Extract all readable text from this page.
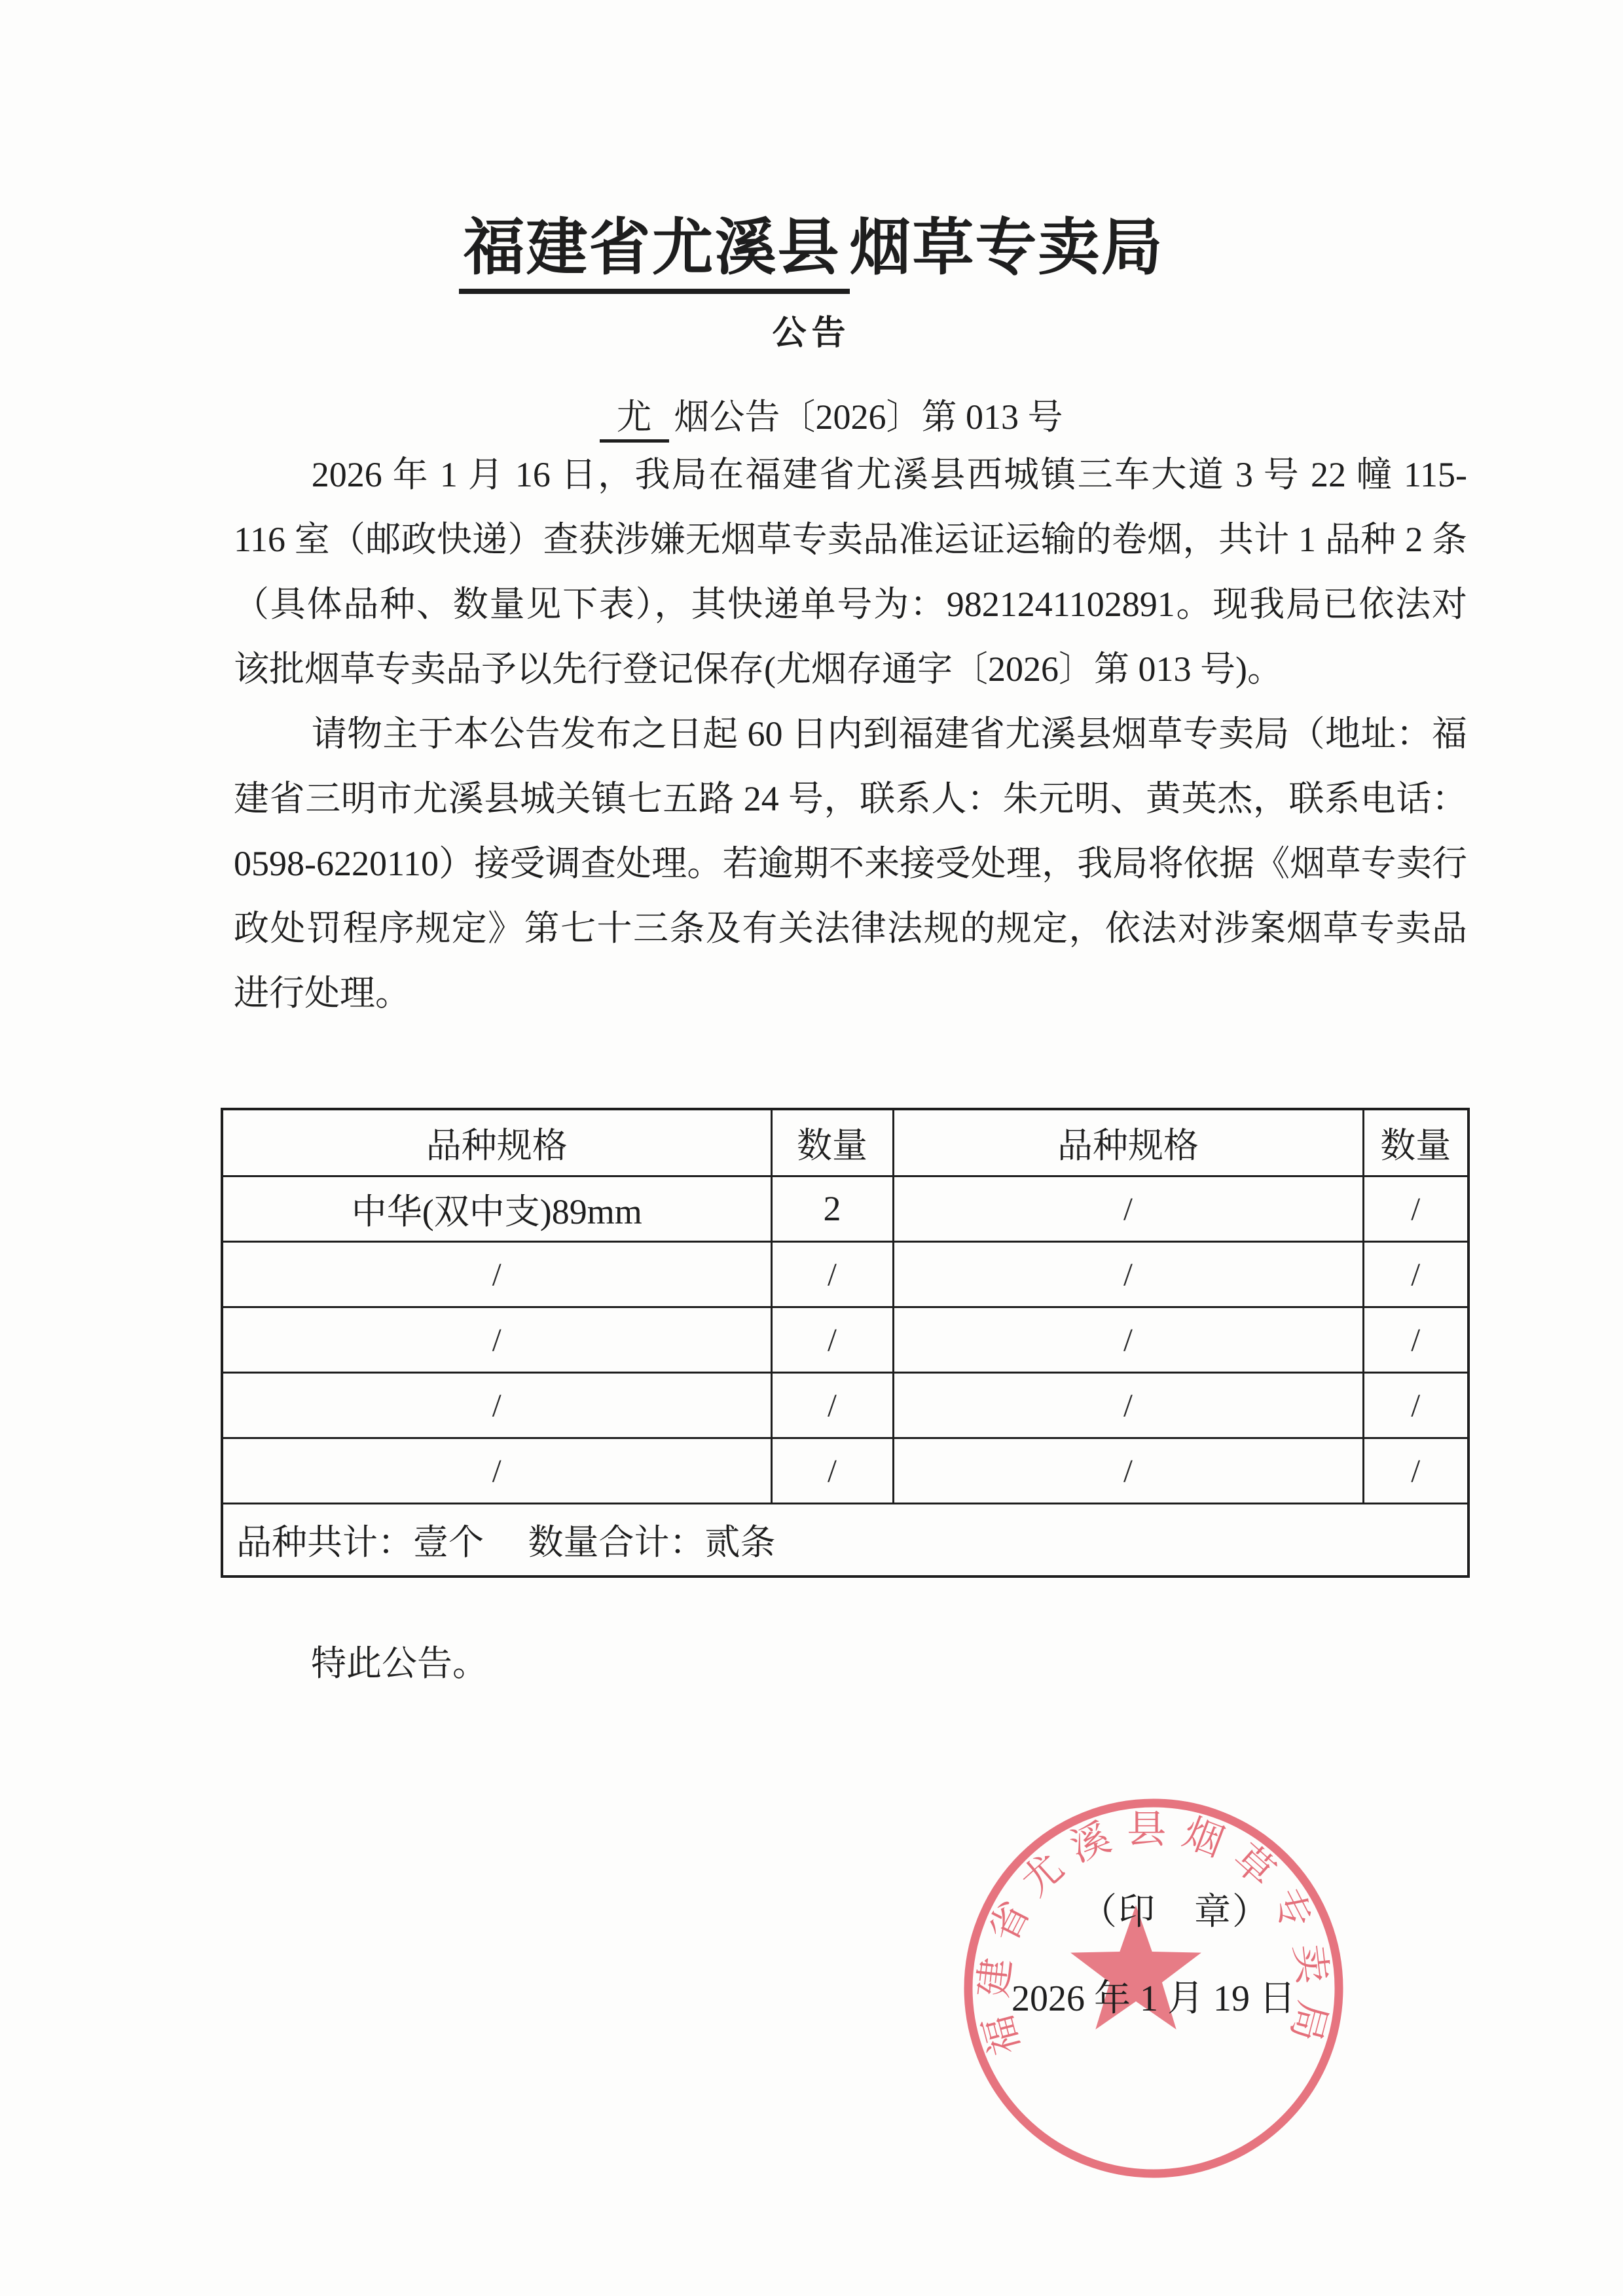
福建省尤溪县 烟草专卖局
公告
尤 烟公告〔2026〕第 013 号

2026 年 1 月 16 日，我局在福建省尤溪县西城镇三车大道 3 号 22 幢 115-116 室（邮政快递）查获涉嫌无烟草专卖品准运证运输的卷烟，共计 1 品种 2 条（具体品种、数量见下表），其快递单号为：9821241102891。现我局已依法对该批烟草专卖品予以先行登记保存(尤烟存通字〔2026〕第 013 号)。

请物主于本公告发布之日起 60 日内到福建省尤溪县烟草专卖局（地址：福建省三明市尤溪县城关镇七五路 24 号，联系人：朱元明、黄英杰，联系电话：0598-6220110）接受调查处理。若逾期不来接受处理，我局将依据《烟草专卖行政处罚程序规定》第七十三条及有关法律法规的规定，依法对涉案烟草专卖品进行处理。

品种规格	数量	品种规格	数量
中华(双中支)89mm	2	/	/
/	/	/	/
/	/	/	/
/	/	/	/
/	/	/	/
品种共计：壹个　 数量合计：贰条			
特此公告。
福建省尤溪县烟草专卖局
（印　章）
2026 年 1 月 19 日
